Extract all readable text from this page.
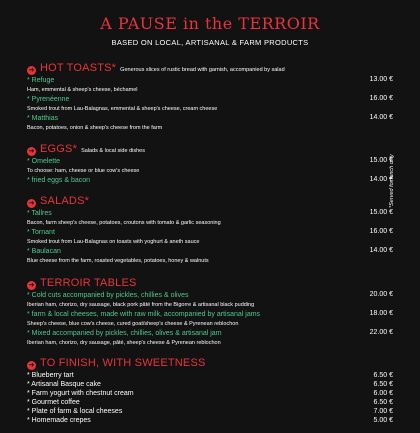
A PAUSE in the TERROIR
BASED ON LOCAL, ARTISANAL & FARM PRODUCTS
*Served for lunch only
➜ HOT TOASTS* Generous slices of rustic bread with garnish, accompanied by salad
* Refuge	13.00 €
Ham, emmental & sheep's cheese, béchamel
* Pyrenéenne	16.00 €
Smoked trout from Lau-Balagnas, emmental & sheep's cheese, cream cheese
* Matthias	14.00 €
Bacon, potatoes, onion & sheep's cheese from the farm
➜ EGGS* Salads & local side dishes
* Omelette	15.00 €
To choose: ham, cheese or blue cow's cheese
* fried eggs & bacon	14.00 €
➜ SALADS*
* Tallres	15.00 €
Bacon, farm sheep's cheese, potatoes, croutons with tomato & garlic seasoning
* Tornant	16.00 €
Smoked trout from Lau-Balagnas on toasts with yoghurt & aneth sauce
* Baulacan	14.00 €
Blue cheese from the farm, roasted vegetables, potatoes, honey & walnuts
➜ TERROIR TABLES
* Cold cuts accompanied by pickles, chillies & olives	20.00 €
Iberian ham, chorizo, dry sausage, black pork pâté from the Bigorre & artisanal black pudding
* farm & local cheeses, made with raw milk, accompanied by artisanal jams	18.00 €
Sheep's cheese, blue cow's cheese, cured goat/sheep's cheese & Pyrenean reblochon
* Mixed accompanied by pickles, chillies, olives & artisanal jam	22.00 €
Iberian ham, chorizo, dry sausage, pâté, sheep's cheese & Pyrenean reblochon
➜ TO FINISH, WITH SWEETNESS
* Blueberry tart	6.50 €
* Artisanal Basque cake	6.50 €
* Farm yogurt with chestnut cream	6.00 €
* Gourmet coffee	6.50 €
* Plate of farm & local cheeses	7.00 €
* Homemade crepes	5.00 €
